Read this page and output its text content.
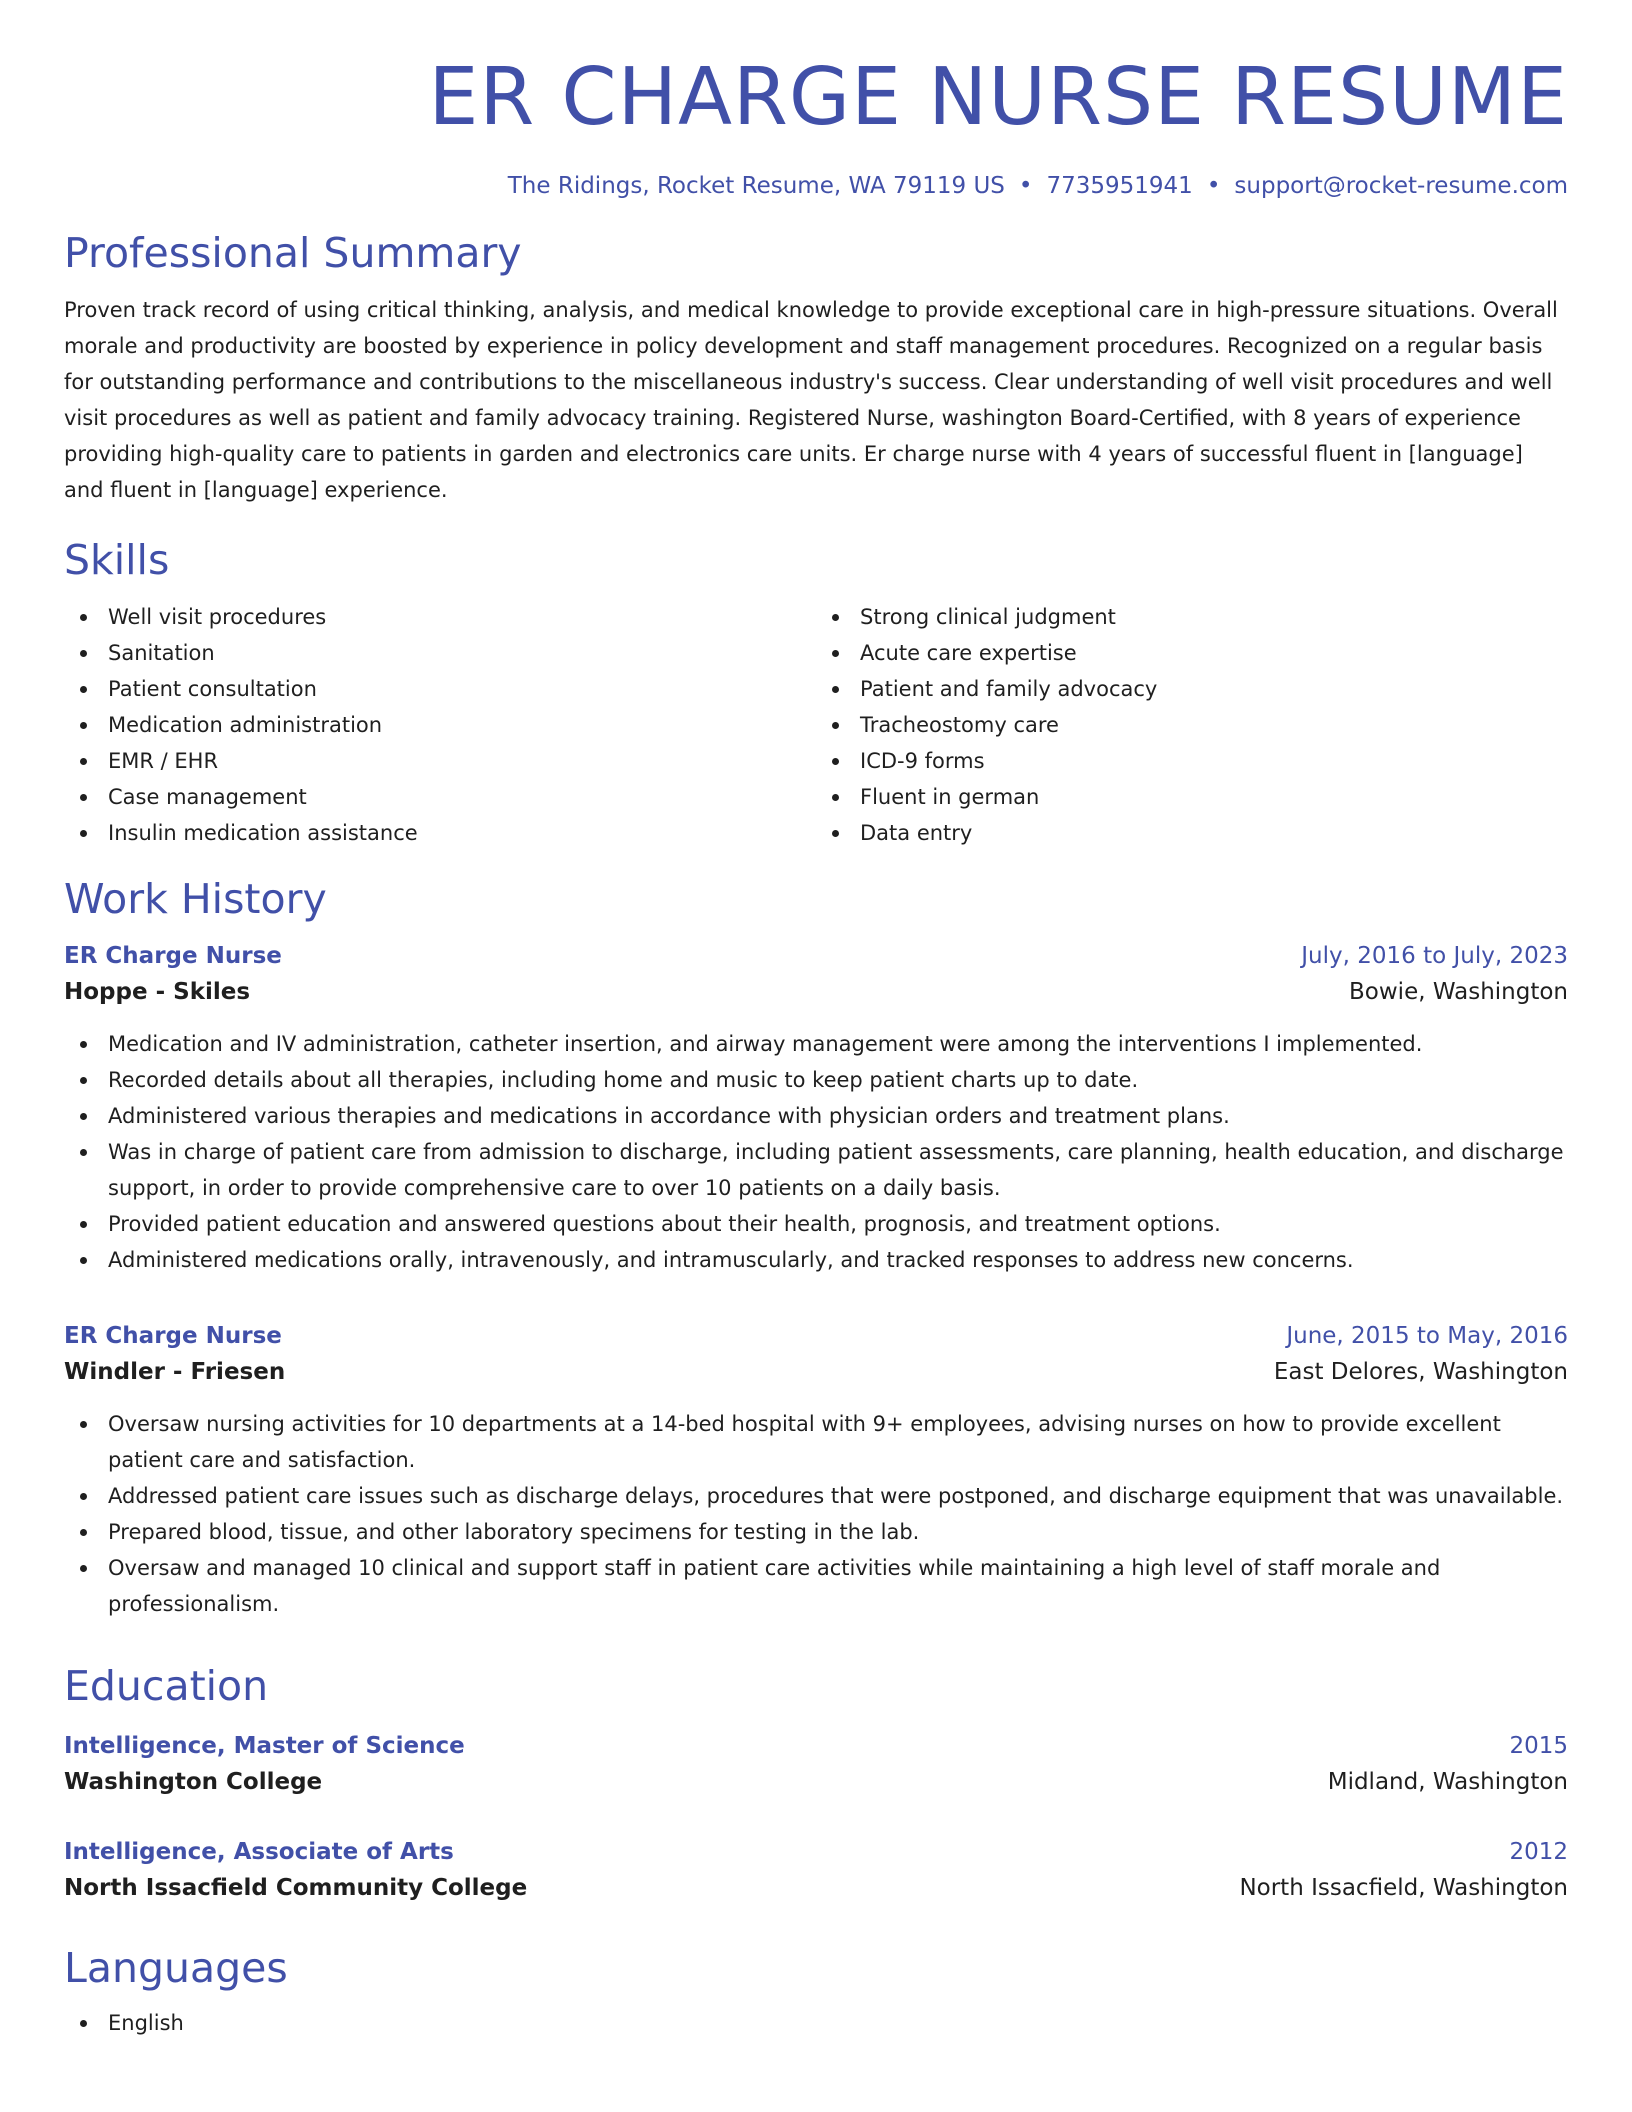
ER CHARGE NURSE RESUME
The Ridings, Rocket Resume, WA 79119 US • 7735951941 • support@rocket-resume.com
Professional Summary

Proven track record of using critical thinking, analysis, and medical knowledge to provide exceptional care in high-pressure situations. Overall morale and productivity are boosted by experience in policy development and staff management procedures. Recognized on a regular basis for outstanding performance and contributions to the miscellaneous industry's success. Clear understanding of well visit procedures and well visit procedures as well as patient and family advocacy training. Registered Nurse, washington Board-Certified, with 8 years of experience providing high-quality care to patients in garden and electronics care units. Er charge nurse with 4 years of successful fluent in [language] and fluent in [language] experience.

Skills
Well visit procedures
Sanitation
Patient consultation
Medication administration
EMR / EHR
Case management
Insulin medication assistance
Strong clinical judgment
Acute care expertise
Patient and family advocacy
Tracheostomy care
ICD-9 forms
Fluent in german
Data entry
Work History
ER Charge Nurse	July, 2016 to July, 2023
Hoppe - Skiles	Bowie, Washington
Medication and IV administration, catheter insertion, and airway management were among the interventions I implemented.
Recorded details about all therapies, including home and music to keep patient charts up to date.
Administered various therapies and medications in accordance with physician orders and treatment plans.
Was in charge of patient care from admission to discharge, including patient assessments, care planning, health education, and discharge support, in order to provide comprehensive care to over 10 patients on a daily basis.
Provided patient education and answered questions about their health, prognosis, and treatment options.
Administered medications orally, intravenously, and intramuscularly, and tracked responses to address new concerns.
ER Charge Nurse	June, 2015 to May, 2016
Windler - Friesen	East Delores, Washington
Oversaw nursing activities for 10 departments at a 14-bed hospital with 9+ employees, advising nurses on how to provide excellent patient care and satisfaction.
Addressed patient care issues such as discharge delays, procedures that were postponed, and discharge equipment that was unavailable.
Prepared blood, tissue, and other laboratory specimens for testing in the lab.
Oversaw and managed 10 clinical and support staff in patient care activities while maintaining a high level of staff morale and professionalism.
Education
Intelligence, Master of Science	2015
Washington College	Midland, Washington
Intelligence, Associate of Arts	2012
North Issacfield Community College	North Issacfield, Washington
Languages
English
